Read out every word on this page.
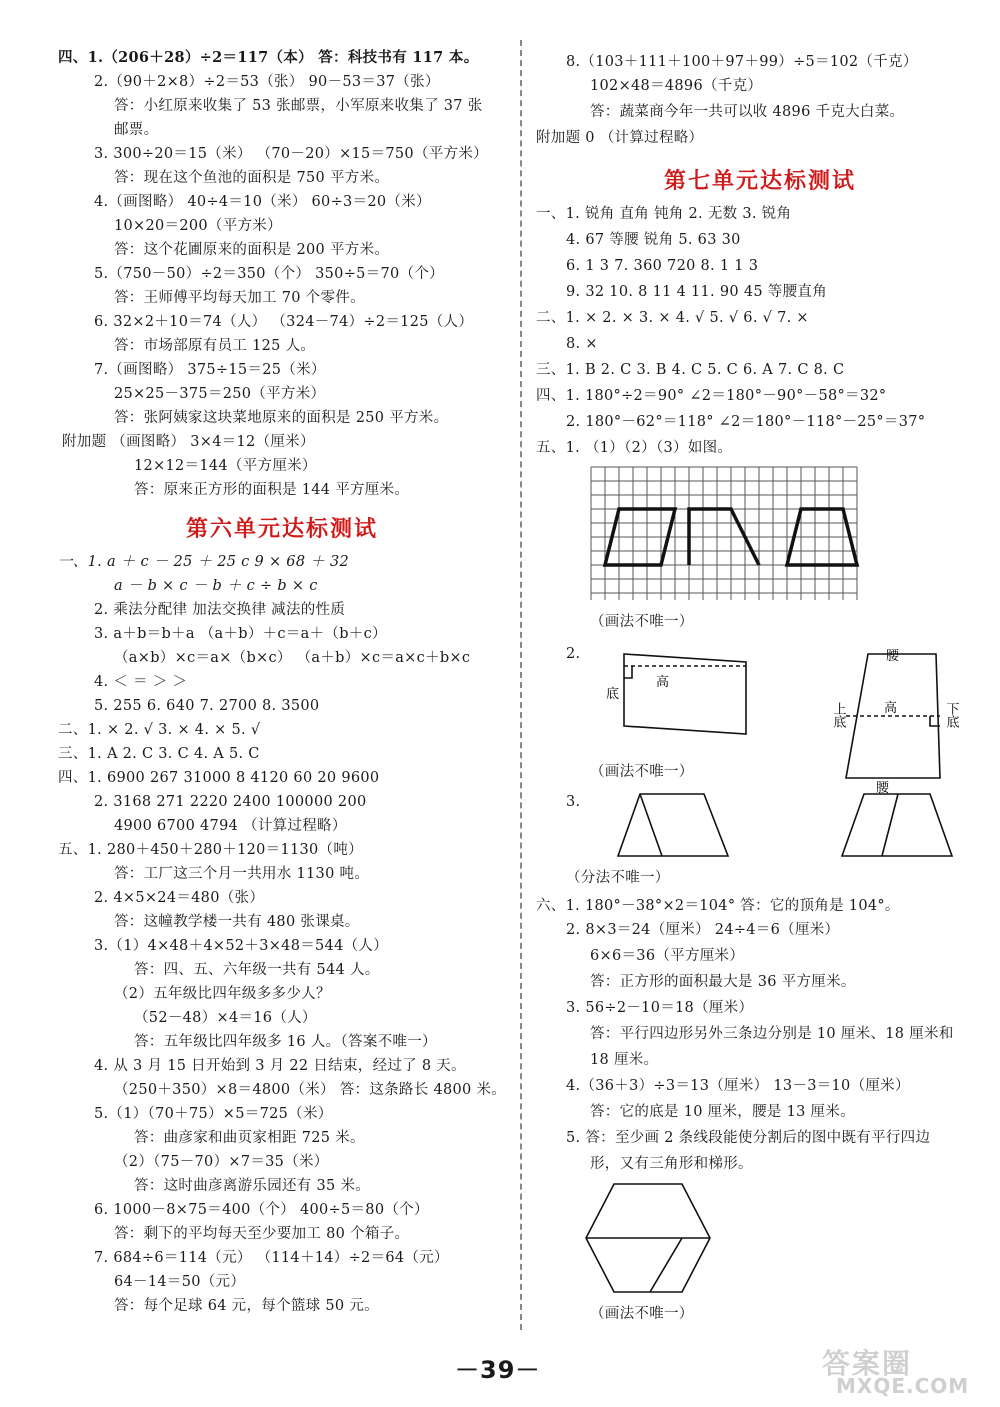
四、1.（206＋28）÷2＝117（本） 答：科技书有 117 本。
2.（90＋2×8）÷2＝53（张） 90－53＝37（张）
答：小红原来收集了 53 张邮票，小军原来收集了 37 张
邮票。
3. 300÷20＝15（米） （70－20）×15＝750（平方米）
答：现在这个鱼池的面积是 750 平方米。
4.（画图略） 40÷4＝10（米） 60÷3＝20（米）
10×20＝200（平方米）
答：这个花圃原来的面积是 200 平方米。
5.（750－50）÷2＝350（个） 350÷5＝70（个）
答：王师傅平均每天加工 70 个零件。
6. 32×2＋10＝74（人） （324－74）÷2＝125（人）
答：市场部原有员工 125 人。
7.（画图略） 375÷15＝25（米）
25×25－375＝250（平方米）
答：张阿姨家这块菜地原来的面积是 250 平方米。
附加题 （画图略） 3×4＝12（厘米）
12×12＝144（平方厘米）
答：原来正方形的面积是 144 平方厘米。
第六单元达标测试
一、1. a ＋ c － 25 ＋ 25 c 9 × 68 ＋ 32
a － b × c － b ＋ c ÷ b × c
2. 乘法分配律 加法交换律 减法的性质
3. a＋b＝b＋a （a＋b）＋c＝a＋（b＋c）
（a×b）×c＝a×（b×c） （a＋b）×c＝a×c＋b×c
4. ＜ ＝ ＞ ＞
5. 255 6. 640 7. 2700 8. 3500
二、1. × 2. √ 3. × 4. × 5. √
三、1. A 2. C 3. C 4. A 5. C
四、1. 6900 267 31000 8 4120 60 20 9600
2. 3168 271 2220 2400 100000 200
4900 6700 4794 （计算过程略）
五、1. 280＋450＋280＋120＝1130（吨）
答：工厂这三个月一共用水 1130 吨。
2. 4×5×24＝480（张）
答：这幢教学楼一共有 480 张课桌。
3.（1）4×48＋4×52＋3×48＝544（人）
答：四、五、六年级一共有 544 人。
（2）五年级比四年级多多少人？
（52－48）×4＝16（人）
答：五年级比四年级多 16 人。（答案不唯一）
4. 从 3 月 15 日开始到 3 月 22 日结束，经过了 8 天。
（250＋350）×8＝4800（米） 答：这条路长 4800 米。
5.（1）（70＋75）×5＝725（米）
答：曲彦家和曲页家相距 725 米。
（2）（75－70）×7＝35（米）
答：这时曲彦离游乐园还有 35 米。
6. 1000－8×75＝400（个） 400÷5＝80（个）
答：剩下的平均每天至少要加工 80 个箱子。
7. 684÷6＝114（元） （114＋14）÷2＝64（元）
64－14＝50（元）
答：每个足球 64 元，每个篮球 50 元。
8.（103＋111＋100＋97＋99）÷5＝102（千克）
102×48＝4896（千克）
答：蔬菜商今年一共可以收 4896 千克大白菜。
附加题 0 （计算过程略）
第七单元达标测试
一、1. 锐角 直角 钝角 2. 无数 3. 锐角
4. 67 等腰 锐角 5. 63 30
6. 1 3 7. 360 720 8. 1 1 3
9. 32 10. 8 11 4 11. 90 45 等腰直角
二、1. × 2. × 3. × 4. √ 5. √ 6. √ 7. ×
8. ×
三、1. B 2. C 3. B 4. C 5. C 6. A 7. C 8. C
四、1. 180°÷2＝90° ∠2＝180°－90°－58°＝32°
2. 180°－62°＝118° ∠2＝180°－118°－25°＝37°
五、1. （1）（2）（3）如图。
（画法不唯一）
2.
底
高
腰
高
腰
上底	下底
（画法不唯一）
3.
（分法不唯一）
六、1. 180°－38°×2＝104° 答：它的顶角是 104°。
2. 8×3＝24（厘米） 24÷4＝6（厘米）
6×6＝36（平方厘米）
答：正方形的面积最大是 36 平方厘米。
3. 56÷2－10＝18（厘米）
答：平行四边形另外三条边分别是 10 厘米、18 厘米和
18 厘米。
4.（36＋3）÷3＝13（厘米） 13－3＝10（厘米）
答：它的底是 10 厘米，腰是 13 厘米。
5. 答：至少画 2 条线段能使分割后的图中既有平行四边
形，又有三角形和梯形。
（画法不唯一）
－39－	答案圈
MXQE.COM
